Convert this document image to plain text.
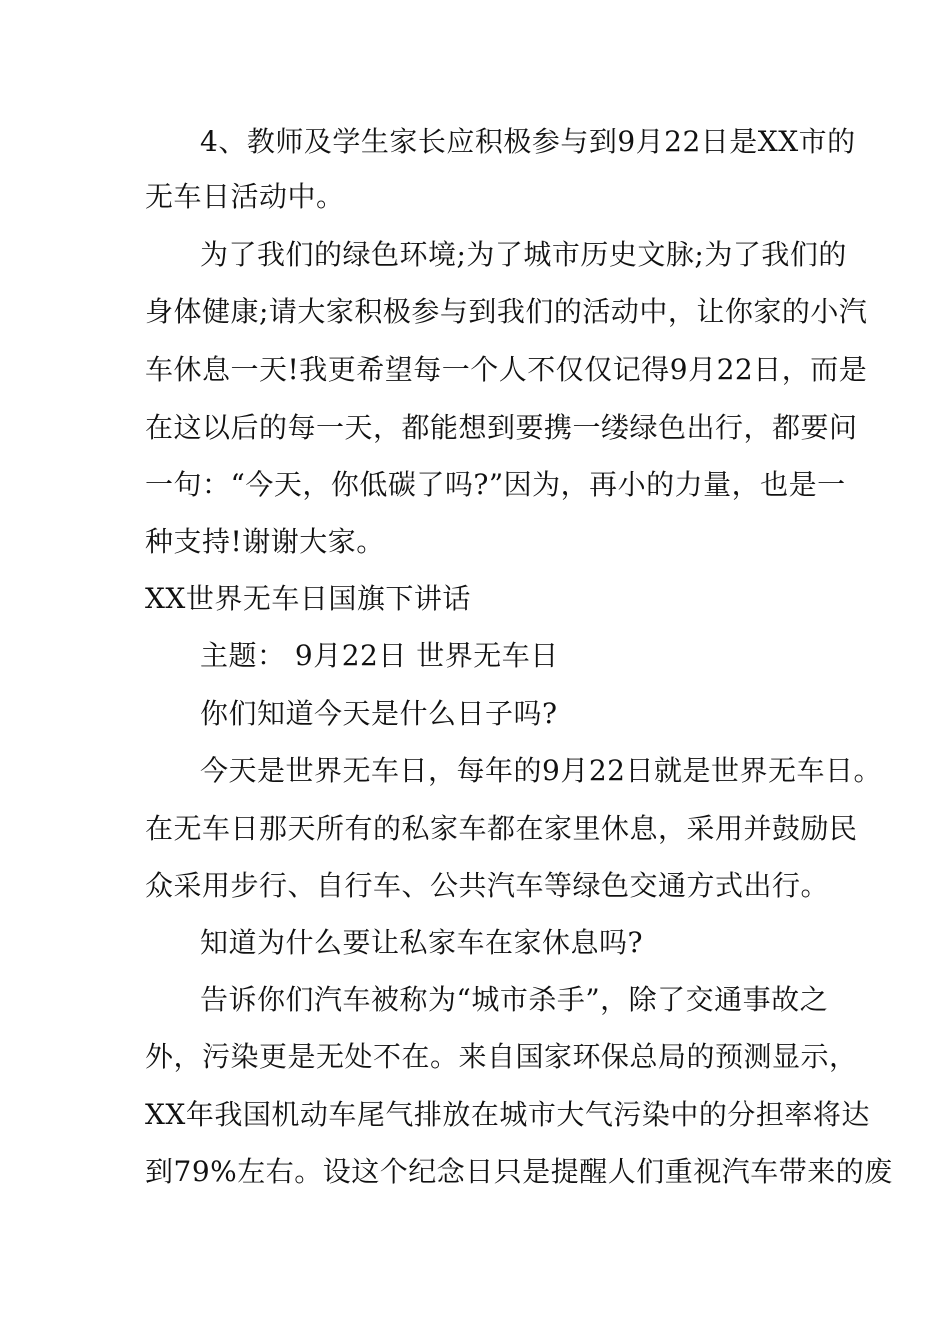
4、教师及学生家长应积极参与到9月22日是XX市的
无车日活动中。
为了我们的绿色环境;为了城市历史文脉;为了我们的
身体健康;请大家积极参与到我们的活动中，让你家的小汽
车休息一天!我更希望每一个人不仅仅记得9月22日，而是
在这以后的每一天，都能想到要携一缕绿色出行，都要问
一句：“今天，你低碳了吗?”因为，再小的力量，也是一
种支持!谢谢大家。
XX世界无车日国旗下讲话
主题： 9月22日 世界无车日
你们知道今天是什么日子吗?
今天是世界无车日，每年的9月22日就是世界无车日。
在无车日那天所有的私家车都在家里休息，采用并鼓励民
众采用步行、自行车、公共汽车等绿色交通方式出行。
知道为什么要让私家车在家休息吗?
告诉你们汽车被称为“城市杀手”，除了交通事故之
外，污染更是无处不在。来自国家环保总局的预测显示，
XX年我国机动车尾气排放在城市大气污染中的分担率将达
到79%左右。设这个纪念日只是提醒人们重视汽车带来的废
